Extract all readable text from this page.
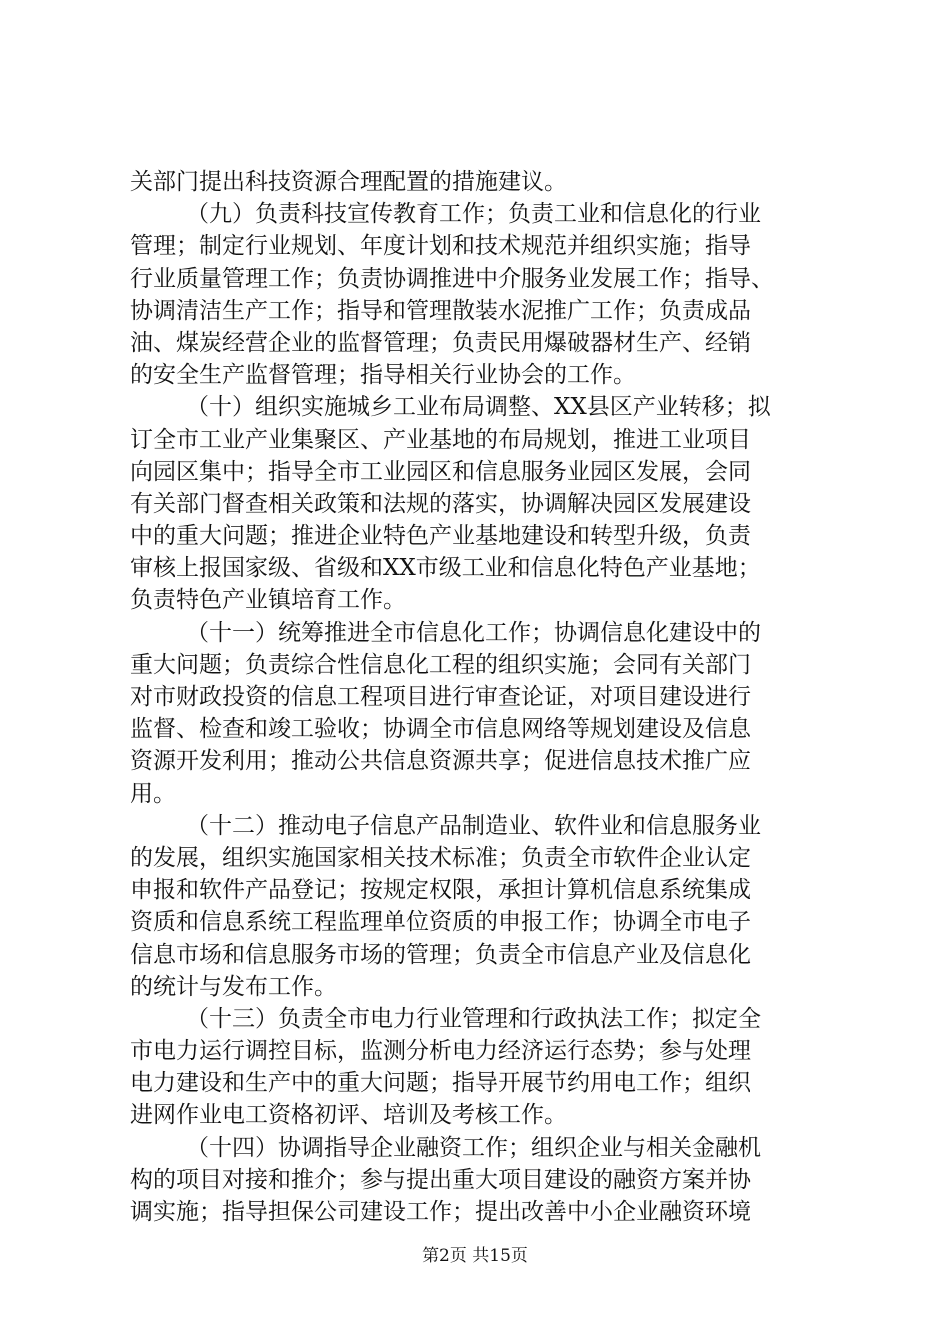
关部门提出科技资源合理配置的措施建议。
（九）负责科技宣传教育工作；负责工业和信息化的行业
管理；制定行业规划、年度计划和技术规范并组织实施；指导
行业质量管理工作；负责协调推进中介服务业发展工作；指导、
协调清洁生产工作；指导和管理散装水泥推广工作；负责成品
油、煤炭经营企业的监督管理；负责民用爆破器材生产、经销
的安全生产监督管理；指导相关行业协会的工作。
（十）组织实施城乡工业布局调整、XX县区产业转移；拟
订全市工业产业集聚区、产业基地的布局规划，推进工业项目
向园区集中；指导全市工业园区和信息服务业园区发展，会同
有关部门督查相关政策和法规的落实，协调解决园区发展建设
中的重大问题；推进企业特色产业基地建设和转型升级，负责
审核上报国家级、省级和XX市级工业和信息化特色产业基地；
负责特色产业镇培育工作。
（十一）统筹推进全市信息化工作；协调信息化建设中的
重大问题；负责综合性信息化工程的组织实施；会同有关部门
对市财政投资的信息工程项目进行审查论证，对项目建设进行
监督、检查和竣工验收；协调全市信息网络等规划建设及信息
资源开发利用；推动公共信息资源共享；促进信息技术推广应
用。
（十二）推动电子信息产品制造业、软件业和信息服务业
的发展，组织实施国家相关技术标准；负责全市软件企业认定
申报和软件产品登记；按规定权限，承担计算机信息系统集成
资质和信息系统工程监理单位资质的申报工作；协调全市电子
信息市场和信息服务市场的管理；负责全市信息产业及信息化
的统计与发布工作。
（十三）负责全市电力行业管理和行政执法工作；拟定全
市电力运行调控目标，监测分析电力经济运行态势；参与处理
电力建设和生产中的重大问题；指导开展节约用电工作；组织
进网作业电工资格初评、培训及考核工作。
（十四）协调指导企业融资工作；组织企业与相关金融机
构的项目对接和推介；参与提出重大项目建设的融资方案并协
调实施；指导担保公司建设工作；提出改善中小企业融资环境
第2页 共15页
